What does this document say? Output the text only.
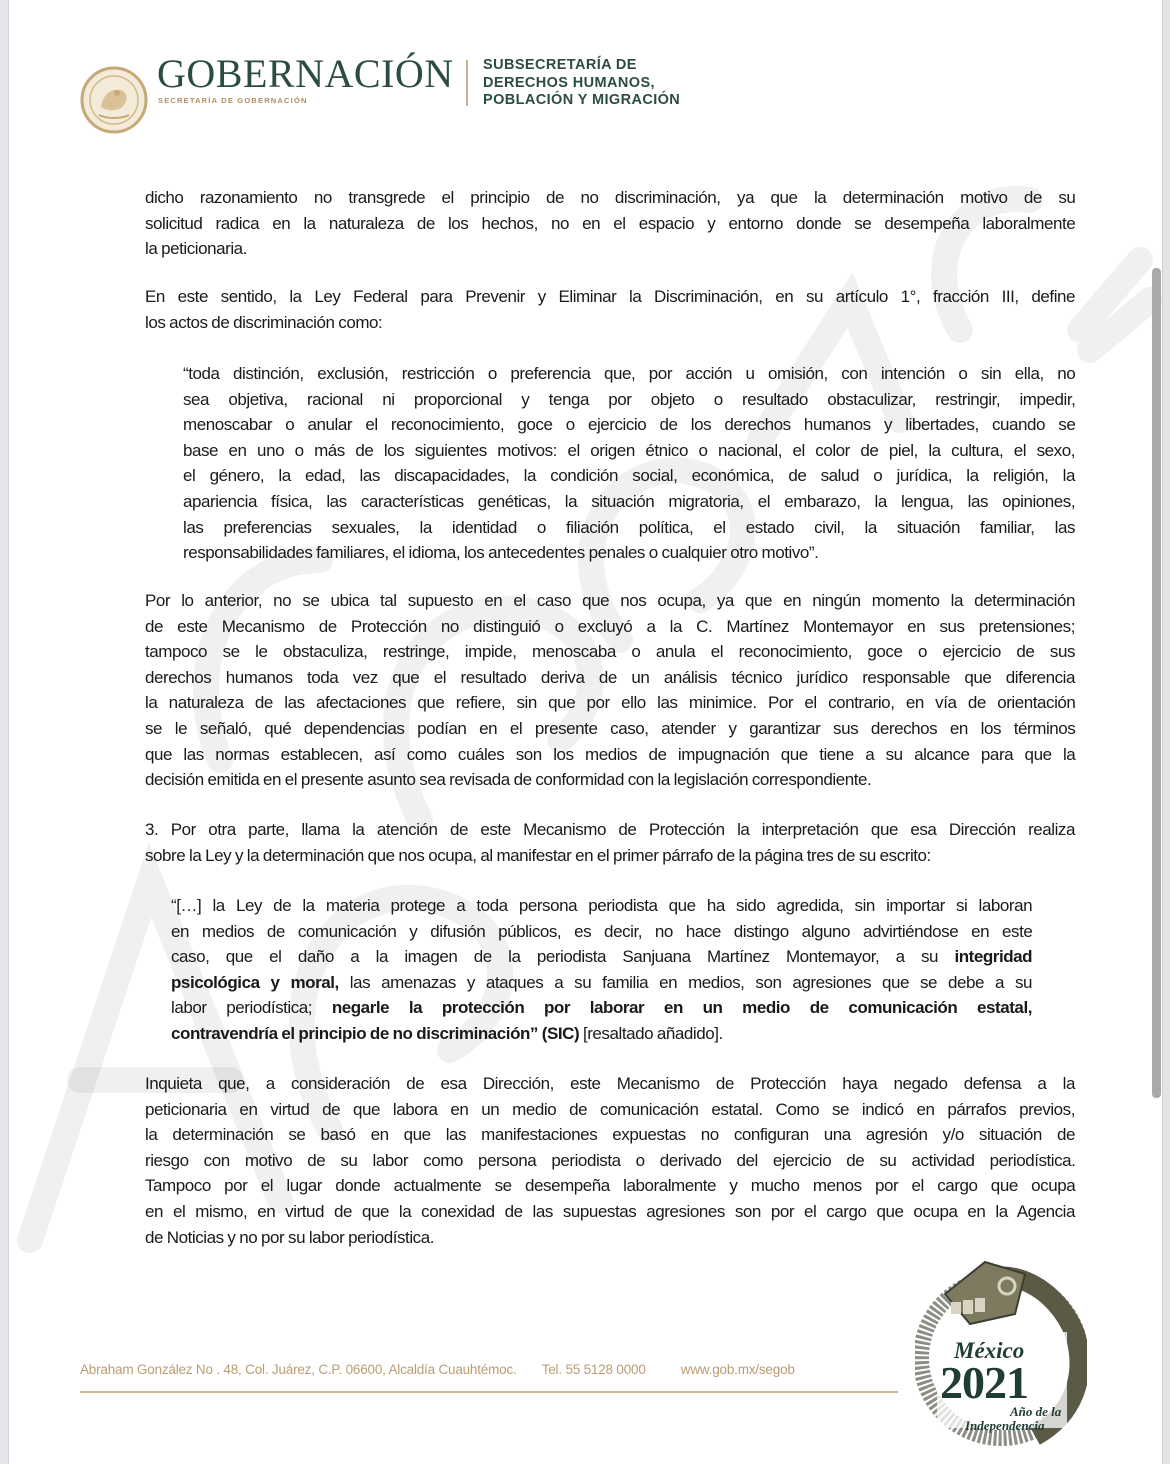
GOBERNACIÓN
SECRETARÍA DE GOBERNACIÓN
SUBSECRETARÍA DE
DERECHOS HUMANOS,
POBLACIÓN Y MIGRACIÓN
dicho razonamiento no transgrede el principio de no discriminación, ya que la determinación motivo de su
solicitud radica en la naturaleza de los hechos, no en el espacio y entorno donde se desempeña laboralmente
la peticionaria.
En este sentido, la Ley Federal para Prevenir y Eliminar la Discriminación, en su artículo 1°, fracción III, define
los actos de discriminación como:
“toda distinción, exclusión, restricción o preferencia que, por acción u omisión, con intención o sin ella, no
sea objetiva, racional ni proporcional y tenga por objeto o resultado obstaculizar, restringir, impedir,
menoscabar o anular el reconocimiento, goce o ejercicio de los derechos humanos y libertades, cuando se
base en uno o más de los siguientes motivos: el origen étnico o nacional, el color de piel, la cultura, el sexo,
el género, la edad, las discapacidades, la condición social, económica, de salud o jurídica, la religión, la
apariencia física, las características genéticas, la situación migratoria, el embarazo, la lengua, las opiniones,
las preferencias sexuales, la identidad o filiación política, el estado civil, la situación familiar, las
responsabilidades familiares, el idioma, los antecedentes penales o cualquier otro motivo”.
Por lo anterior, no se ubica tal supuesto en el caso que nos ocupa, ya que en ningún momento la determinación
de este Mecanismo de Protección no distinguió o excluyó a la C. Martínez Montemayor en sus pretensiones;
tampoco se le obstaculiza, restringe, impide, menoscaba o anula el reconocimiento, goce o ejercicio de sus
derechos humanos toda vez que el resultado deriva de un análisis técnico jurídico responsable que diferencia
la naturaleza de las afectaciones que refiere, sin que por ello las minimice. Por el contrario, en vía de orientación
se le señaló, qué dependencias podían en el presente caso, atender y garantizar sus derechos en los términos
que las normas establecen, así como cuáles son los medios de impugnación que tiene a su alcance para que la
decisión emitida en el presente asunto sea revisada de conformidad con la legislación correspondiente.
3. Por otra parte, llama la atención de este Mecanismo de Protección la interpretación que esa Dirección realiza
sobre la Ley y la determinación que nos ocupa, al manifestar en el primer párrafo de la página tres de su escrito:
“[…] la Ley de la materia protege a toda persona periodista que ha sido agredida, sin importar si laboran
en medios de comunicación y difusión públicos, es decir, no hace distingo alguno advirtiéndose en este
caso, que el daño a la imagen de la periodista Sanjuana Martínez Montemayor, a su integridad
psicológica y moral, las amenazas y ataques a su familia en medios, son agresiones que se debe a su
labor periodística; negarle la protección por laborar en un medio de comunicación estatal,
contravendría el principio de no discriminación” (SIC) [resaltado añadido].
Inquieta que, a consideración de esa Dirección, este Mecanismo de Protección haya negado defensa a la
peticionaria en virtud de que labora en un medio de comunicación estatal. Como se indicó en párrafos previos,
la determinación se basó en que las manifestaciones expuestas no configuran una agresión y/o situación de
riesgo con motivo de su labor como persona periodista o derivado del ejercicio de su actividad periodística.
Tampoco por el lugar donde actualmente se desempeña laboralmente y mucho menos por el cargo que ocupa
en el mismo, en virtud de que la conexidad de las supuestas agresiones son por el cargo que ocupa en la Agencia
de Noticias y no por su labor periodística.
Abraham González No . 48, Col. Juárez, C.P. 06600, Alcaldía Cuauhtémoc. Tel. 55 5128 0000	www.gob.mx/segob
México
2021
Año de la
Independencia
